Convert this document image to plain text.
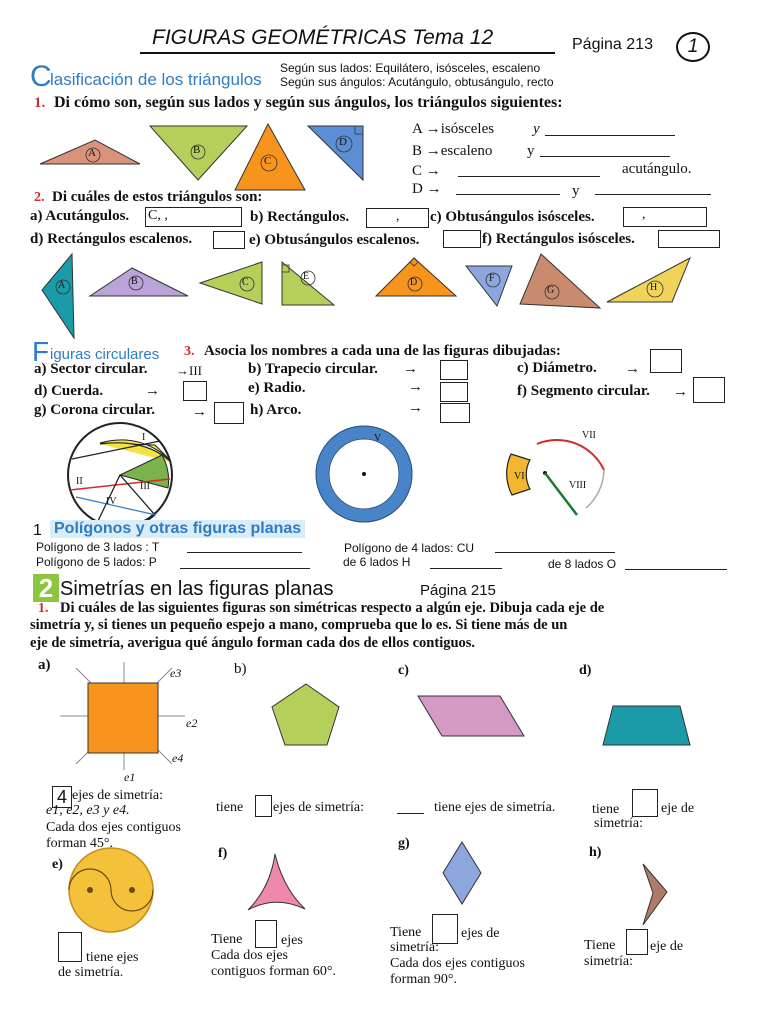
FIGURAS GEOMÉTRICAS Tema 12	Página 213	1
C
lasificación de los triángulos
Según sus lados: Equilátero, isósceles, escaleno
Según sus ángulos: Acutángulo, obtusángulo, recto
1. Di cómo son, según sus lados y según sus ángulos, los triángulos siguientes:
A	B
C
D
A →isósceles	y
B →escaleno y
C →	acutángulo.
D →	y
2. Di cuáles de estos triángulos son:
a) Acutángulos. C, ,	b) Rectángulos.	, c) Obtusángulos isósceles.	,
d) Rectángulos escalenos.	e) Obtusángulos escalenos.	f) Rectángulos isósceles.
A	B	C
E
D	F
G	H
F iguras circulares 3. Asocia los nombres a cada una de las figuras dibujadas:
a) Sector circular. →III	b) Trapecio circular. →	c) Diámetro. →
d) Cuerda.	→	e) Radio.	→	f) Segmento circular. →
g) Corona circular. →	h) Arco.	→
I
II	III
IV
V
VI
VII
VIII
1 Polígonos y otras figuras planas
Polígono de 3 lados : T	Polígono de 4 lados: CU
Polígono de 5 lados: P	de 6 lados H	de 8 lados O
2 Simetrías en las figuras planas	Página 215
1. Di cuáles de las siguientes figuras son simétricas respecto a algún eje. Dibuja cada eje de
simetría y, si tienes un pequeño espejo a mano, comprueba que lo es. Si tiene más de un
eje de simetría, averigua qué ángulo forman cada dos de ellos contiguos.
a)	b)	c)	d)
e3
e2
e4
e1
4 ejes de simetría:
e1, e2, e3 y e4.
Cada dos ejes contiguos
forman 45°.
tiene ejes de simetría:	tiene ejes de simetría.	tiene	eje de
simetría:
e)
f)
g)
h)
tiene ejes
de simetría.
Tiene	ejes
Cada dos ejes
contiguos forman 60°.
Tiene	ejes de
simetría:
Cada dos ejes contiguos
forman 90°.
Tiene eje de
simetría:
